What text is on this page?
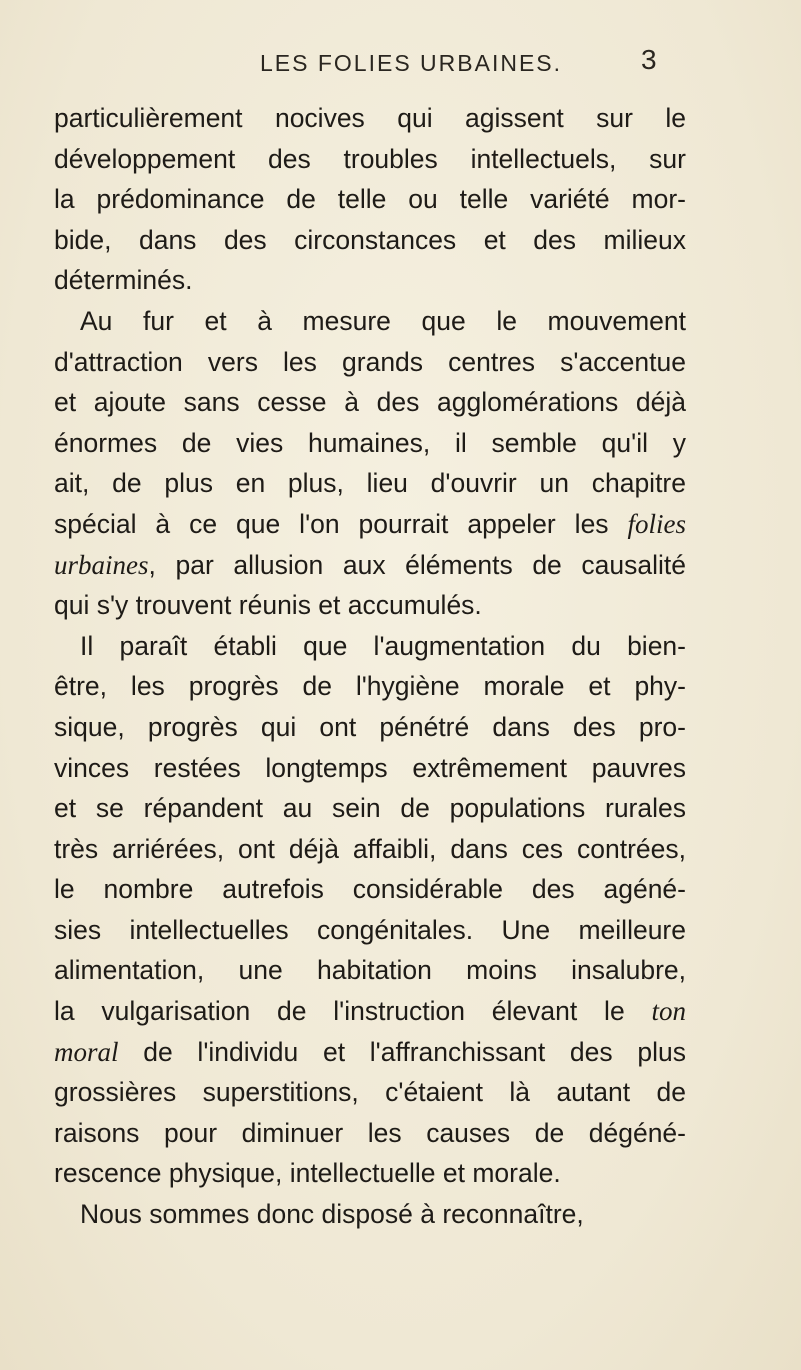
LES FOLIES URBAINES.	3
particulièrement nocives qui agissent sur le
développement des troubles intellectuels, sur
la prédominance de telle ou telle variété mor-
bide, dans des circonstances et des milieux
déterminés.
Au fur et à mesure que le mouvement
d'attraction vers les grands centres s'accentue
et ajoute sans cesse à des agglomérations déjà
énormes de vies humaines, il semble qu'il y
ait, de plus en plus, lieu d'ouvrir un chapitre
spécial à ce que l'on pourrait appeler les folies
urbaines, par allusion aux éléments de causalité
qui s'y trouvent réunis et accumulés.
Il paraît établi que l'augmentation du bien-
être, les progrès de l'hygiène morale et phy-
sique, progrès qui ont pénétré dans des pro-
vinces restées longtemps extrêmement pauvres
et se répandent au sein de populations rurales
très arriérées, ont déjà affaibli, dans ces contrées,
le nombre autrefois considérable des agéné-
sies intellectuelles congénitales. Une meilleure
alimentation, une habitation moins insalubre,
la vulgarisation de l'instruction élevant le ton
moral de l'individu et l'affranchissant des plus
grossières superstitions, c'étaient là autant de
raisons pour diminuer les causes de dégéné-
rescence physique, intellectuelle et morale.
Nous sommes donc disposé à reconnaître,
